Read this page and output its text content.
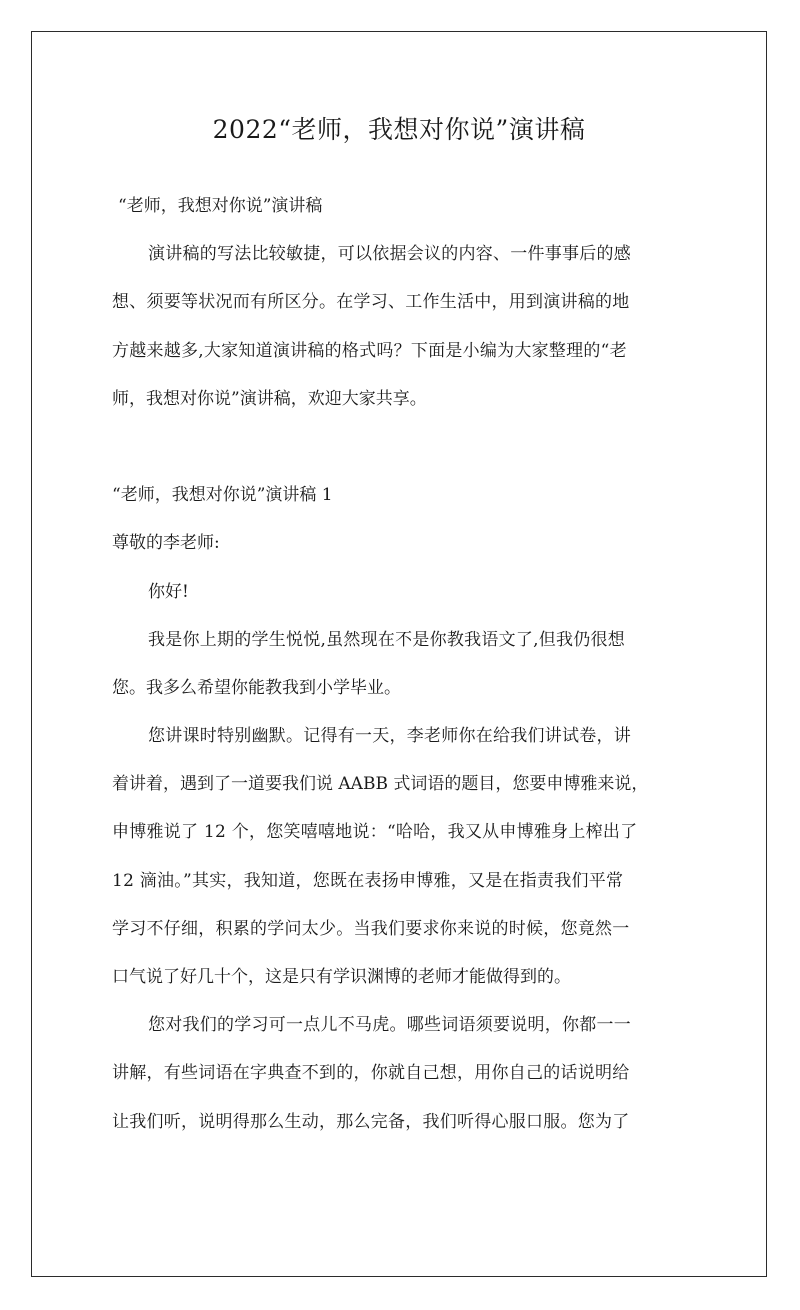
2022“老师，我想对你说”演讲稿

“老师，我想对你说”演讲稿

演讲稿的写法比较敏捷，可以依据会议的内容、一件事事后的感

想、须要等状况而有所区分。在学习、工作生活中，用到演讲稿的地

方越来越多,大家知道演讲稿的格式吗？下面是小编为大家整理的“老

师，我想对你说”演讲稿，欢迎大家共享。

“老师，我想对你说”演讲稿 1

尊敬的李老师:

你好!

我是你上期的学生悦悦,虽然现在不是你教我语文了,但我仍很想

您。我多么希望你能教我到小学毕业。

您讲课时特别幽默。记得有一天，李老师你在给我们讲试卷，讲

着讲着，遇到了一道要我们说 AABB 式词语的题目，您要申博雅来说，

申博雅说了 12 个，您笑嘻嘻地说：“哈哈，我又从申博雅身上榨出了

12 滴油。”其实，我知道，您既在表扬申博雅，又是在指责我们平常

学习不仔细，积累的学问太少。当我们要求你来说的时候，您竟然一

口气说了好几十个，这是只有学识渊博的老师才能做得到的。

您对我们的学习可一点儿不马虎。哪些词语须要说明，你都一一

讲解，有些词语在字典查不到的，你就自己想，用你自己的话说明给

让我们听，说明得那么生动，那么完备，我们听得心服口服。您为了
